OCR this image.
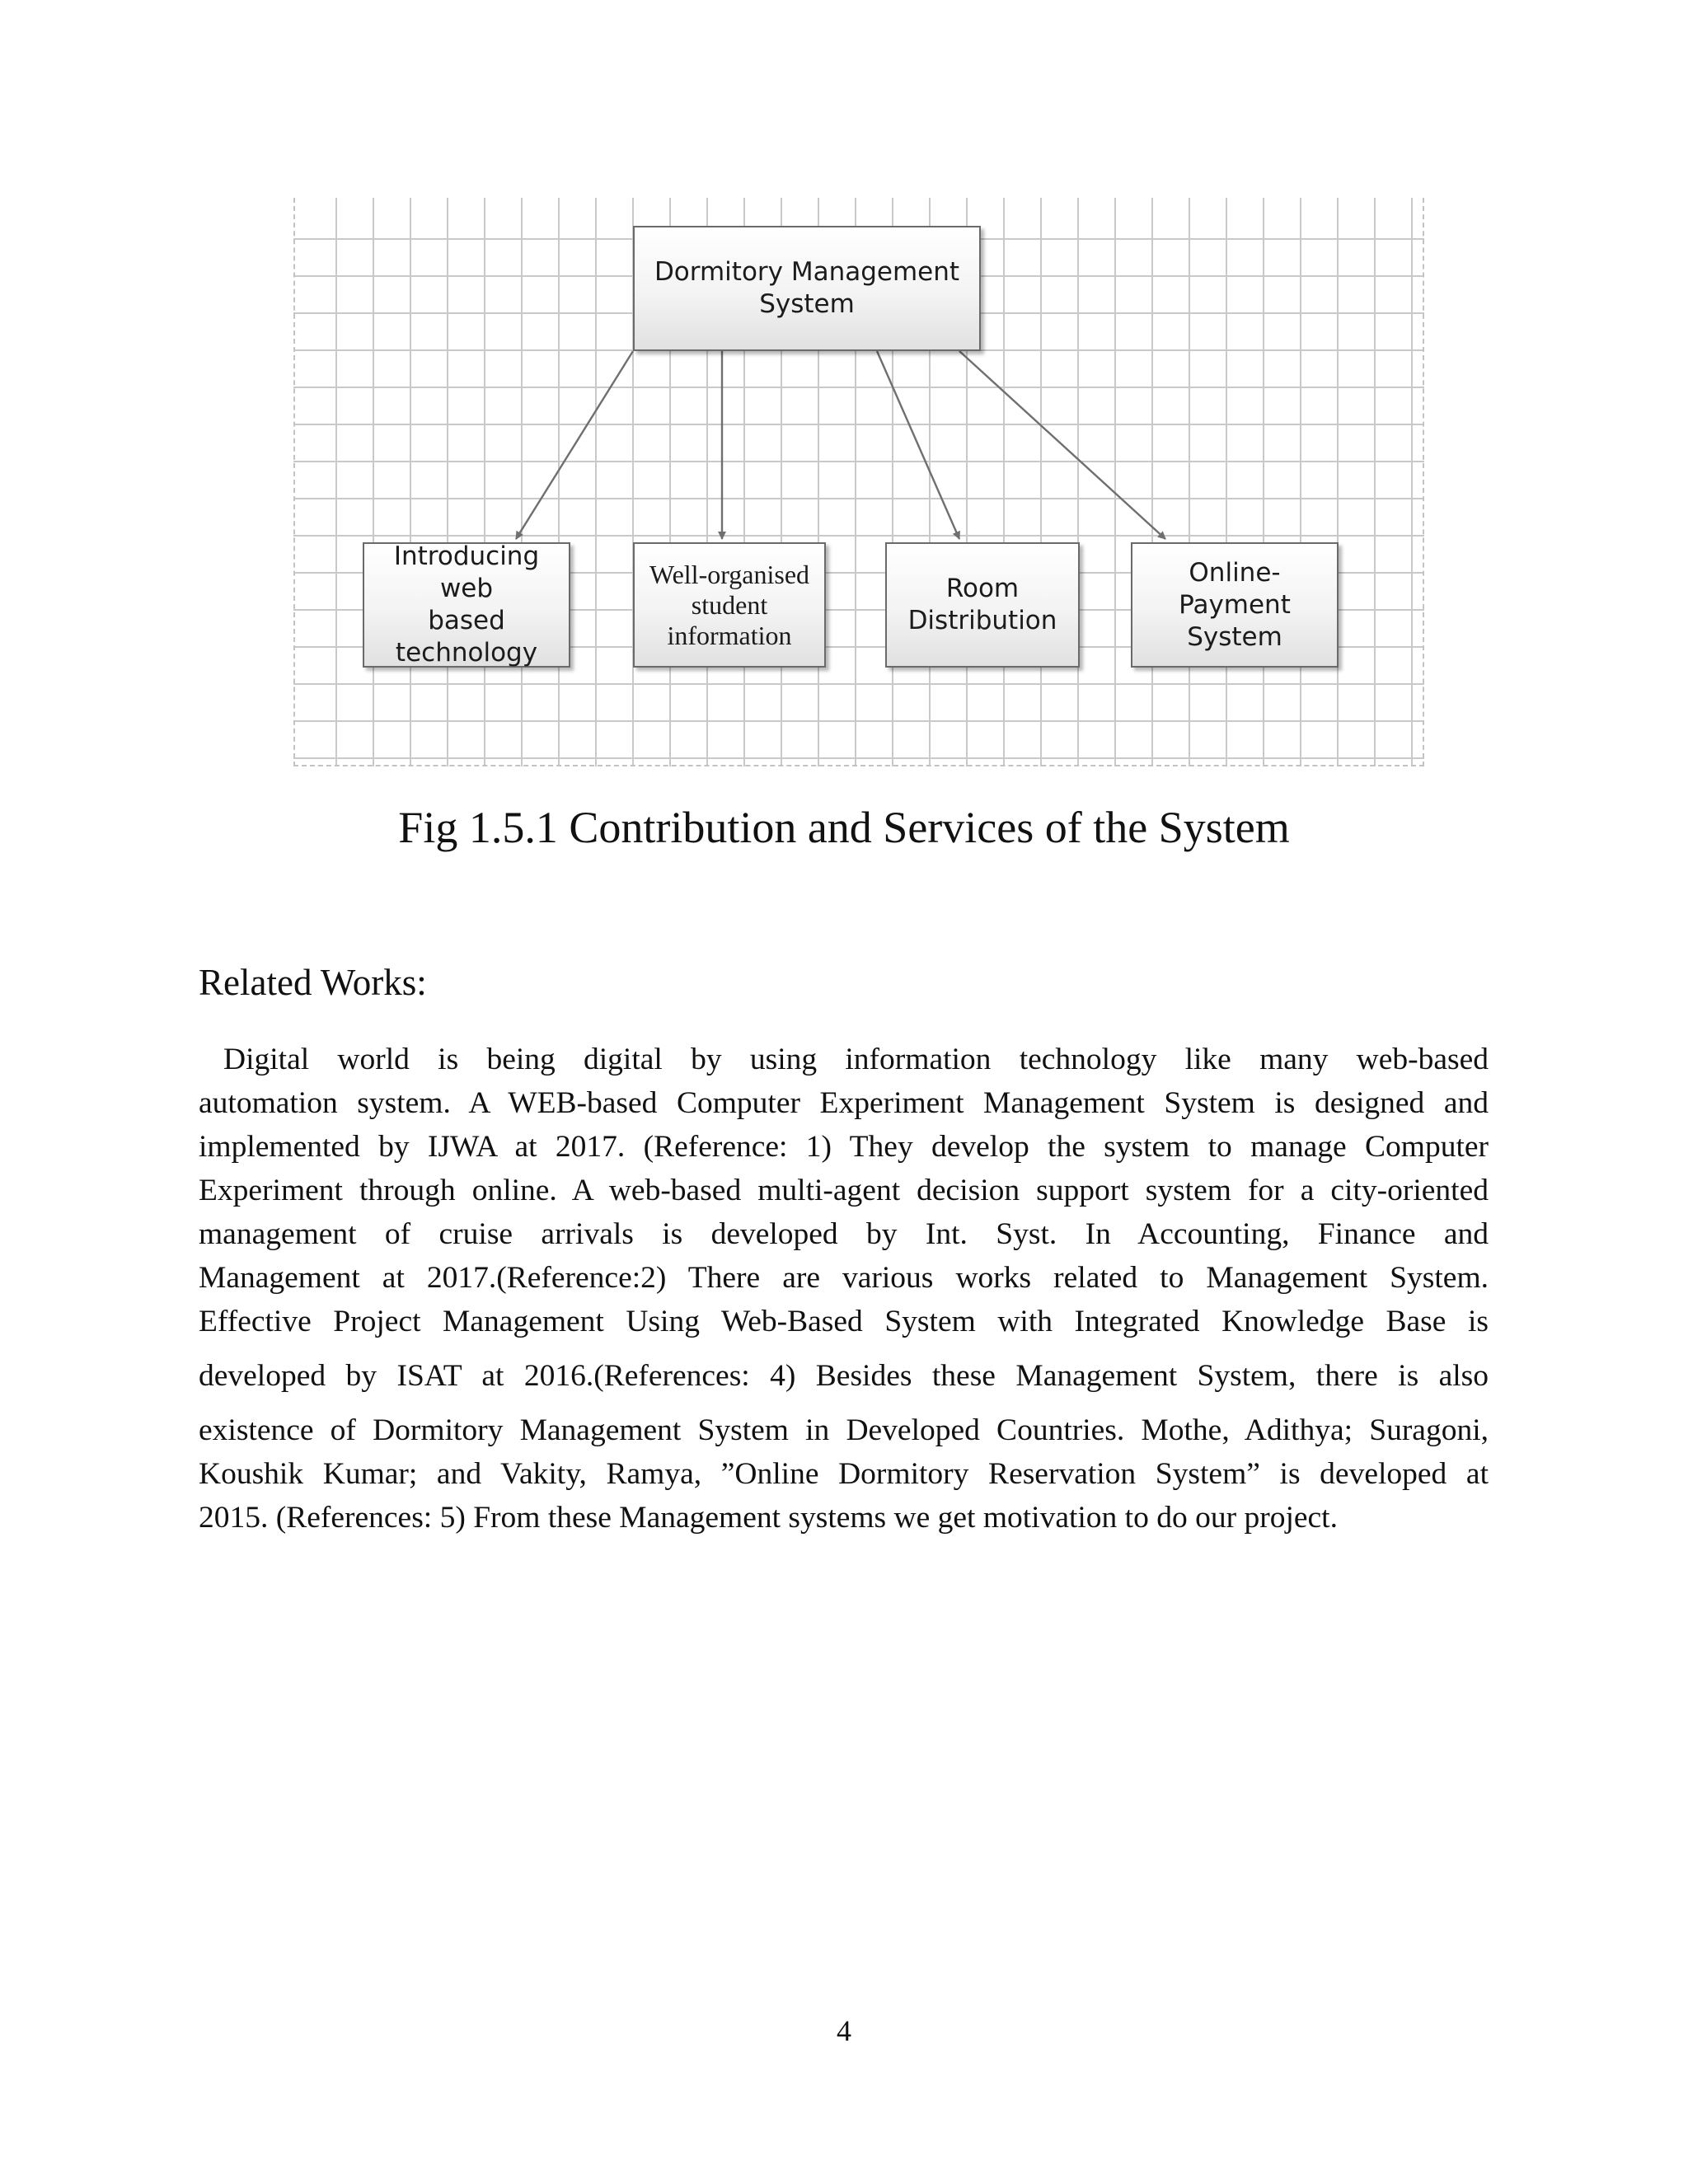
Dormitory Management
System
Introducing web
based
technology
Well-organised
student
information
Room
Distribution
Online-
Payment
System
Fig 1.5.1 Contribution and Services of the System
Related Works:
Digital world is being digital by using information technology like many web-based
automation system. A WEB-based Computer Experiment Management System is designed and
implemented by IJWA at 2017. (Reference: 1) They develop the system to manage Computer
Experiment through online. A web-based multi-agent decision support system for a city-oriented
management of cruise arrivals is developed by Int. Syst. In Accounting, Finance and
Management at 2017.(Reference:2) There are various works related to Management System.
Effective Project Management Using Web-Based System with Integrated Knowledge Base is
developed by ISAT at 2016.(References: 4) Besides these Management System, there is also
existence of Dormitory Management System in Developed Countries. Mothe, Adithya; Suragoni,
Koushik Kumar; and Vakity, Ramya, ”Online Dormitory Reservation System” is developed at
2015. (References: 5) From these Management systems we get motivation to do our project.
4
